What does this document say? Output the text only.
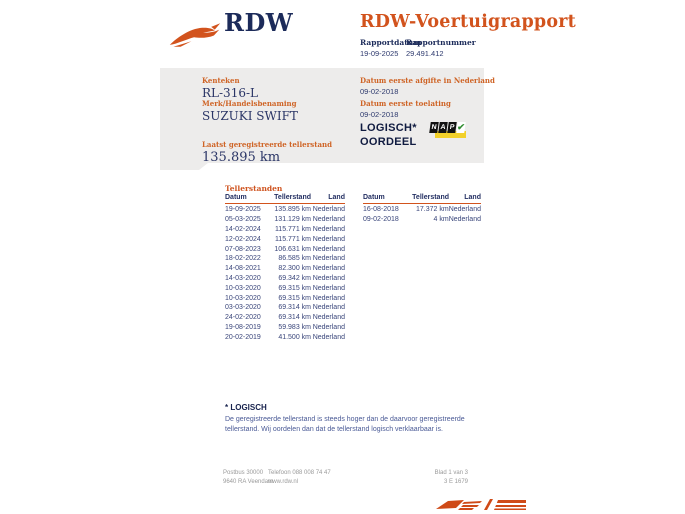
RDW	RDW-Voertuigrapport
Rapportdatum
19-09-2025
Rapportnummer
29.491.412
Kenteken
RL-316-L
Merk/Handelsbenaming
SUZUKI SWIFT
Laatst geregistreerde tellerstand
135.895 km
Datum eerste afgifte in Nederland
09-02-2018
Datum eerste toelating
09-02-2018
LOGISCH*
OORDEEL
N A P ✔
Tellerstanden
Datum	Tellerstand	Land
19-09-2025	135.895 km Nederland
05-03-2025	131.129 km Nederland
14-02-2024	115.771 km Nederland
12-02-2024	115.771 km Nederland
07-08-2023	106.631 km Nederland
18-02-2022	86.585 km Nederland
14-08-2021	82.300 km Nederland
14-03-2020	69.342 km Nederland
10-03-2020	69.315 km Nederland
10-03-2020	69.315 km Nederland
03-03-2020	69.314 km Nederland
24-02-2020	69.314 km Nederland
19-08-2019	59.983 km Nederland
20-02-2019	41.500 km Nederland
Datum	Tellerstand	Land
16-08-2018	17.372 km Nederland
09-02-2018	4 km Nederland
* LOGISCH
De geregistreerde tellerstand is steeds hoger dan de daarvoor geregistreerde tellerstand. Wij oordelen dan dat de tellerstand logisch verklaarbaar is.
Postbus 30000
9640 RA Veendam
Telefoon 088 008 74 47
www.rdw.nl
Blad 1 van 3
3 E 1679
